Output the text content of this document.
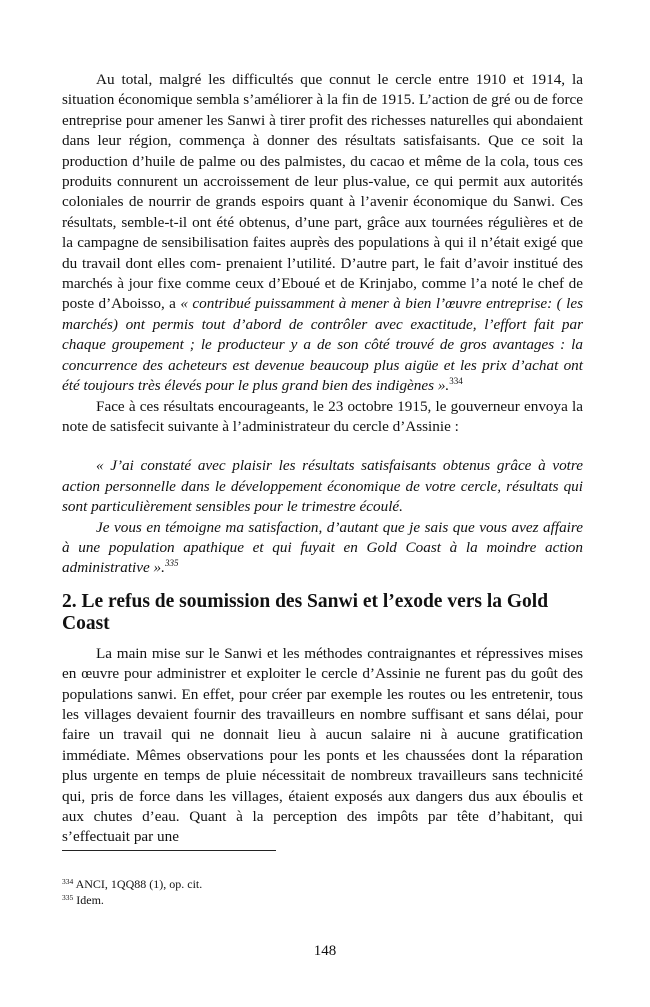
Au total, malgré les difficultés que connut le cercle entre 1910 et 1914, la situation économique sembla s’améliorer à la fin de 1915. L’action de gré ou de force entreprise pour amener les Sanwi à tirer profit des richesses naturelles qui abondaient dans leur région, commença à donner des résultats satisfaisants. Que ce soit la production d’huile de palme ou des palmistes, du cacao et même de la cola, tous ces produits connurent un accroissement de leur plus-value, ce qui permit aux autorités coloniales de nourrir de grands espoirs quant à l’avenir économique du Sanwi. Ces résultats, semble-t-il ont été obtenus, d’une part, grâce aux tournées régulières et de la campagne de sensibilisation faites auprès des populations à qui il n’était exigé que du travail dont elles com- prenaient l’utilité. D’autre part, le fait d’avoir institué des marchés à jour fixe comme ceux d’Eboué et de Krinjabo, comme l’a noté le chef de poste d’Aboisso, a « contribué puissamment à mener à bien l’œuvre entreprise: ( les marchés) ont permis tout d’abord de contrôler avec exactitude, l’effort fait par chaque groupement ; le producteur y a de son côté trouvé de gros avantages : la concurrence des acheteurs est devenue beaucoup plus aigüe et les prix d’achat ont été toujours très élevés pour le plus grand bien des indigènes ».$^{334}$

Face à ces résultats encourageants, le 23 octobre 1915, le gouverneur envoya la note de satisfecit suivante à l’administrateur du cercle d’Assinie :

« J’ai constaté avec plaisir les résultats satisfaisants obtenus grâce à votre action personnelle dans le développement économique de votre cercle, résultats qui sont particulièrement sensibles pour le trimestre écoulé.

Je vous en témoigne ma satisfaction, d’autant que je sais que vous avez affaire à une population apathique et qui fuyait en Gold Coast à la moindre action administrative ».$^{335}$

2. Le refus de soumission des Sanwi et l’exode vers la Gold Coast

La main mise sur le Sanwi et les méthodes contraignantes et répressives mises en œuvre pour administrer et exploiter le cercle d’Assinie ne furent pas du goût des populations sanwi. En effet, pour créer par exemple les routes ou les entretenir, tous les villages devaient fournir des travailleurs en nombre suffisant et sans délai, pour faire un travail qui ne donnait lieu à aucun salaire ni à aucune gratification immédiate. Mêmes observations pour les ponts et les chaussées dont la réparation plus urgente en temps de pluie nécessitait de nombreux travailleurs sans technicité qui, pris de force dans les villages, étaient exposés aux dangers dus aux éboulis et aux chutes d’eau. Quant à la perception des impôts par tête d’habitant, qui s’effectuait par une

$^{334}$ ANCI, 1QQ88 (1), op. cit.

$^{335}$ Idem.

148
